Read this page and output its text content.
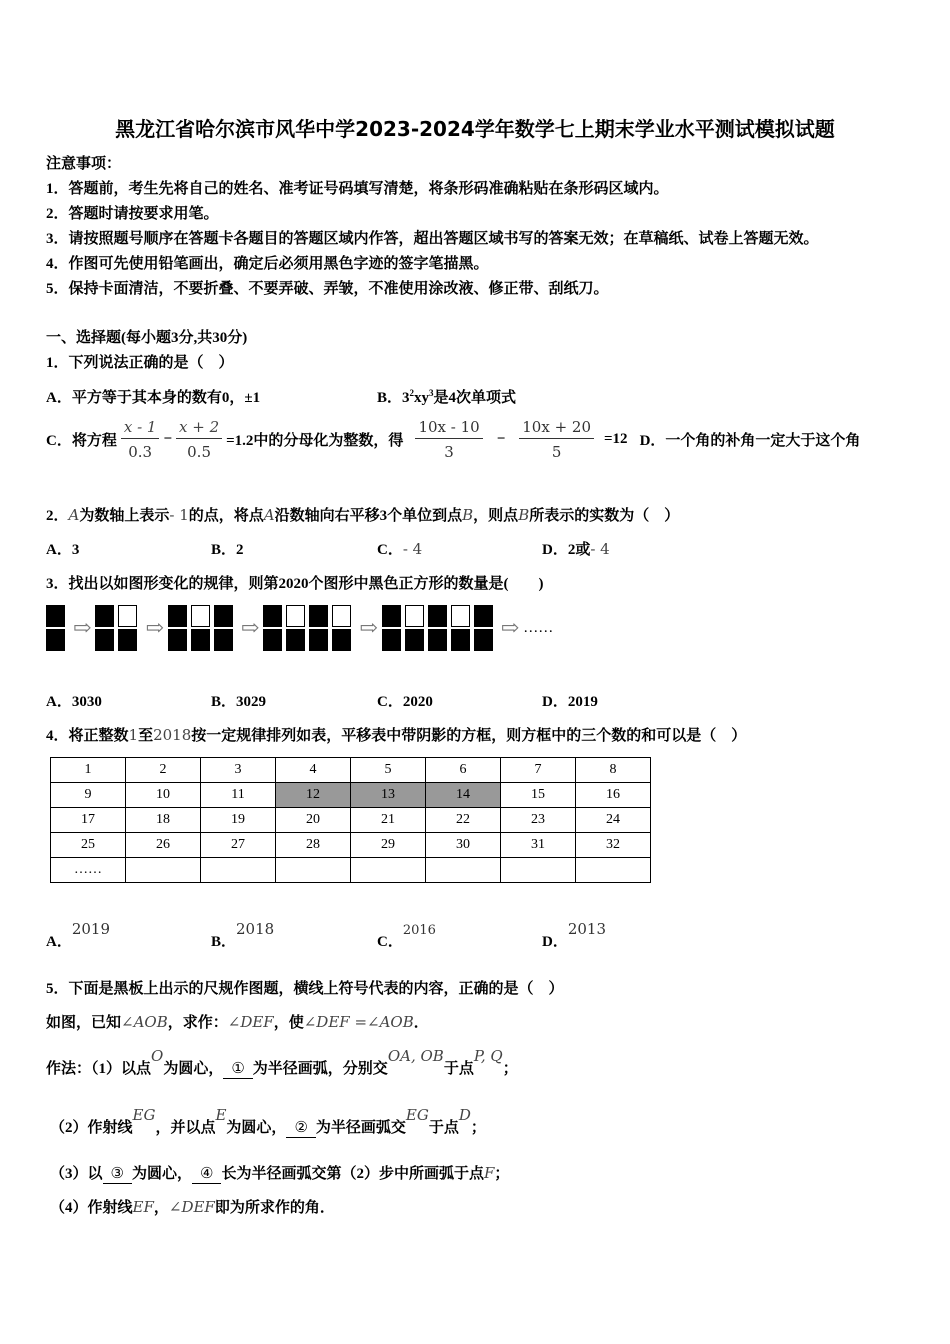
黑龙江省哈尔滨市风华中学2023-2024学年数学七上期末学业水平测试模拟试题
注意事项：
1．答题前，考生先将自己的姓名、准考证号码填写清楚，将条形码准确粘贴在条形码区域内。
2．答题时请按要求用笔。
3．请按照题号顺序在答题卡各题目的答题区域内作答，超出答题区域书写的答案无效；在草稿纸、试卷上答题无效。
4．作图可先使用铅笔画出，确定后必须用黑色字迹的签字笔描黑。
5．保持卡面清洁，不要折叠、不要弄破、弄皱，不准使用涂改液、修正带、刮纸刀。
一、选择题(每小题3分,共30分)
1．下列说法正确的是（　）
A．平方等于其本身的数有0，±1	B．$3^2xy^3$是4次单项式
C．将方程 $\frac{x - 1}{0.3} - \frac{x + 2}{0.5} =1.2$中的分母化为整数，得 $\frac{10x - 10}{3} - \frac{10x + 20}{5} =12$ D．一个角的补角一定大于这个角
2．A为数轴上表示- 1的点，将点A沿数轴向右平移3个单位到点B，则点B所表示的实数为（　）
A．3	B．2	C．- 4	D．2或- 4
3．找出以如图形变化的规律，则第2020个图形中黑色正方形的数量是(　　)
⇨ ⇨	⇨	⇨	⇨ ……
A．3030	B．3029	C．2020	D．2019
4．将正整数1至2018按一定规律排列如表，平移表中带阴影的方框，则方框中的三个数的和可以是（　）
1	2	3	4	5	6	7	8
9	10	11	12	13	14	15	16
17	18	19	20	21	22	23	24
25	26	27	28	29	30	31	32
……							
A．2019
B．2018
C．2016
D．2013
5．下面是黑板上出示的尺规作图题，横线上符号代表的内容，正确的是（　）
如图，已知∠AOB，求作：∠DEF，使∠DEF =∠AOB．
作法：（1）以点O为圆心， ① 为半径画弧，分别交OA, OB于点P, Q；
（2）作射线EG，并以点E为圆心， ② 为半径画弧交EG于点D；
（3）以 ③ 为圆心， ④ 长为半径画弧交第（2）步中所画弧于点F；
（4）作射线EF，∠DEF即为所求作的角．
